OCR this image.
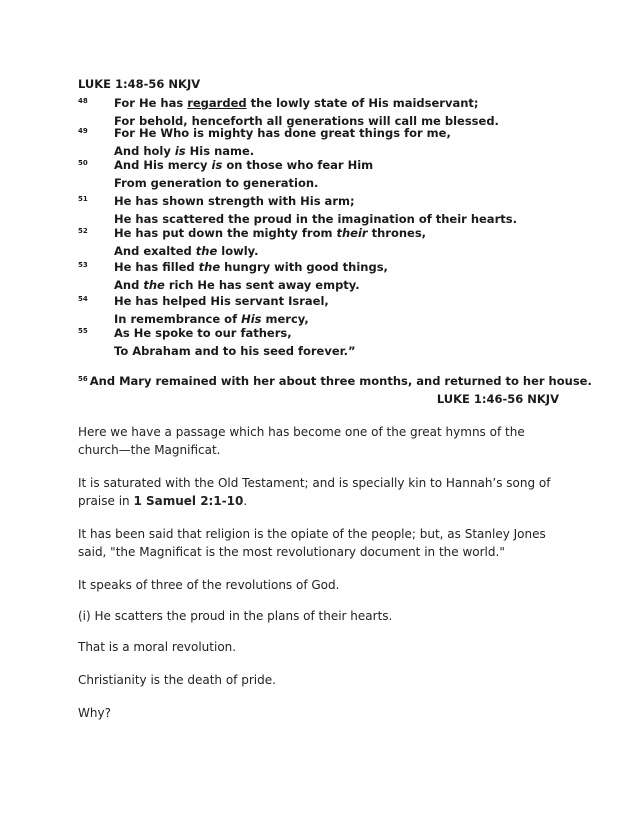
LUKE 1:48-56 NKJV
48 For He has regarded the lowly state of His maidservant;
For behold, henceforth all generations will call me blessed.
49 For He Who is mighty has done great things for me,
And holy is His name.
50 And His mercy is on those who fear Him
From generation to generation.
51 He has shown strength with His arm;
He has scattered the proud in the imagination of their hearts.
52 He has put down the mighty from their thrones,
And exalted the lowly.
53 He has filled the hungry with good things,
And the rich He has sent away empty.
54 He has helped His servant Israel,
In remembrance of His mercy,
55 As He spoke to our fathers,
To Abraham and to his seed forever.”
$^{56}$ And Mary remained with her about three months, and returned to her house.
LUKE 1:46-56 NKJV
Here we have a passage which has become one of the great hymns of the church—the Magnificat.
It is saturated with the Old Testament; and is specially kin to Hannah’s song of praise in 1 Samuel 2:1-10.
It has been said that religion is the opiate of the people; but, as Stanley Jones said, "the Magnificat is the most revolutionary document in the world."
It speaks of three of the revolutions of God.
(i) He scatters the proud in the plans of their hearts.
That is a moral revolution.
Christianity is the death of pride.
Why?
